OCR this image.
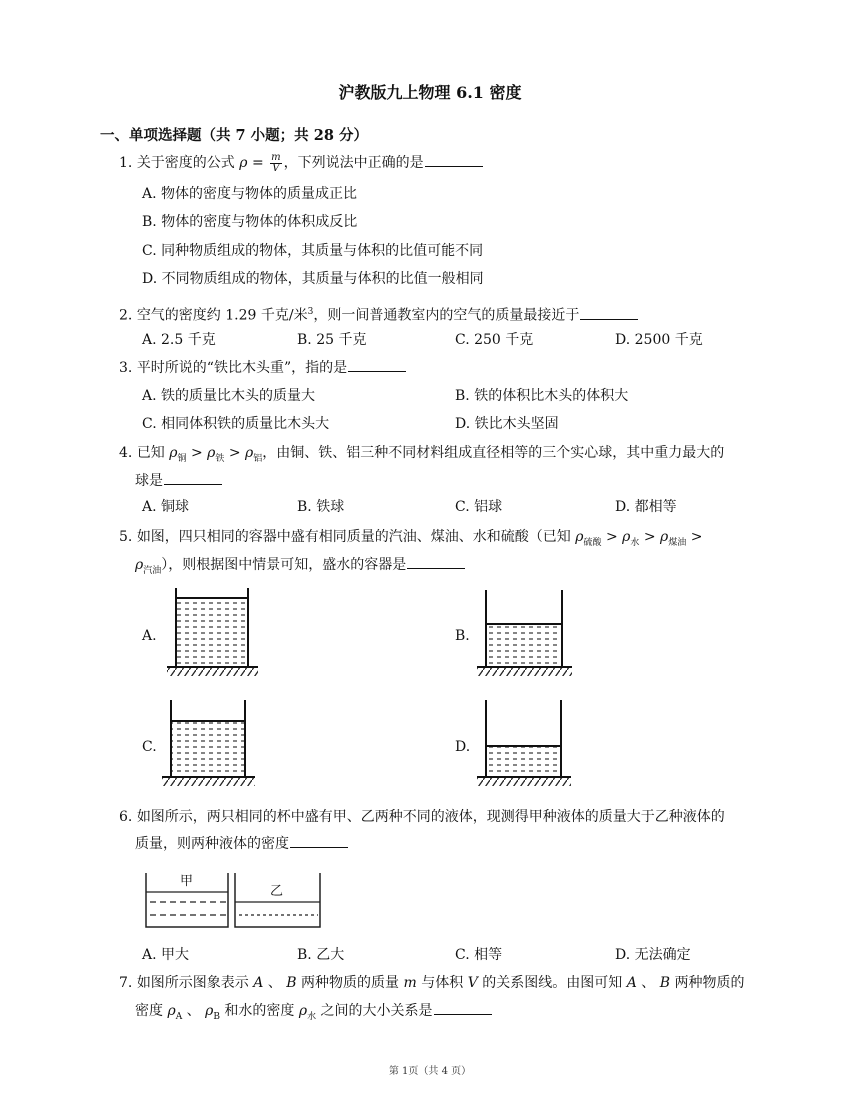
沪教版九上物理 6.1 密度
一、单项选择题（共 7 小题；共 28 分）
1. 关于密度的公式 $\rho = \frac{m}{V}$ ，下列说法中正确的是
A. 物体的密度与物体的质量成正比
B. 物体的密度与物体的体积成反比
C. 同种物质组成的物体，其质量与体积的比值可能不同
D. 不同物质组成的物体，其质量与体积的比值一般相同
2. 空气的密度约 1.29 千克/米$^3$，则一间普通教室内的空气的质量最接近于
A. 2.5 千克	B. 25 千克	C. 250 千克	D. 2500 千克
3. 平时所说的“铁比木头重”，指的是
A. 铁的质量比木头的质量大	B. 铁的体积比木头的体积大
C. 相同体积铁的质量比木头大	D. 铁比木头坚固
4. 已知 $\rho_铜 > \rho_铁 > \rho_铝$，由铜、铁、铝三种不同材料组成直径相等的三个实心球，其中重力最大的
球是
A. 铜球	B. 铁球	C. 铝球	D. 都相等
5. 如图，四只相同的容器中盛有相同质量的汽油、煤油、水和硫酸（已知 $\rho_{硫酸} > \rho_水 > \rho_{煤油}$ >
$\rho_{汽油}$），则根据图中情景可知，盛水的容器是
A.	B.
C.	D.
6. 如图所示，两只相同的杯中盛有甲、乙两种不同的液体，现测得甲种液体的质量大于乙种液体的
质量，则两种液体的密度
甲
乙
A. 甲大	B. 乙大	C. 相等	D. 无法确定
7. 如图所示图象表示 A 、 B 两种物质的质量 m 与体积 V 的关系图线。由图可知 A 、 B 两种物质的
密度 $\rho_A$ 、 $\rho_B$ 和水的密度 $\rho_水$ 之间的大小关系是
第 1页（共 4 页）
